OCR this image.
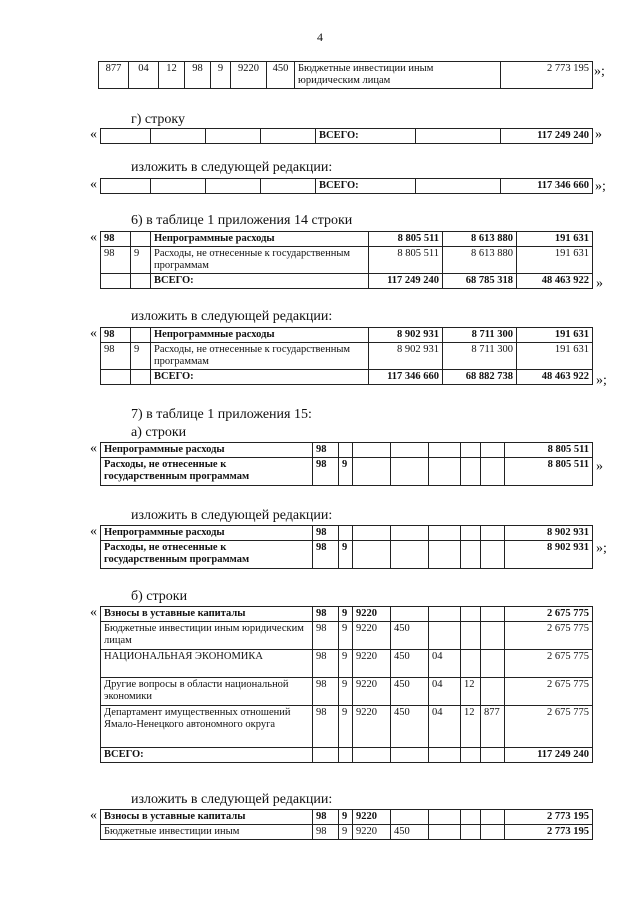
4
877	04	12	98	9	9220	450	Бюджетные инвестиции иным юридическим лицам	2 773 195 »;
г) строку
«
					ВСЕГО:		117 249 240 »
изложить в следующей редакции:
«
					ВСЕГО:		117 346 660 »;
6) в таблице 1 приложения 14 строки
« 98		Непрограммные расходы	8 805 511	8 613 880	191 631
98	9	Расходы, не отнесенные к государственным программам	8 805 511	8 613 880	191 631
		ВСЕГО:	117 249 240	68 785 318	48 463 922 »
изложить в следующей редакции:
« 98		Непрограммные расходы	8 902 931	8 711 300	191 631
98	9	Расходы, не отнесенные к государственным программам	8 902 931	8 711 300	191 631
		ВСЕГО:	117 346 660	68 882 738	48 463 922 »;
7) в таблице 1 приложения 15:
а) строки
« Непрограммные расходы	98							8 805 511
Расходы, не отнесенные к государственным программам	98	9						8 805 511 »
изложить в следующей редакции:
« Непрограммные расходы	98							8 902 931
Расходы, не отнесенные к государственным программам	98	9						8 902 931 »;
б) строки
« Взносы в уставные капиталы	98	9	9220					2 675 775
Бюджетные инвестиции иным юридическим лицам	98	9	9220	450				2 675 775
НАЦИОНАЛЬНАЯ ЭКОНОМИКА	98	9	9220	450	04			2 675 775
Другие вопросы в области национальной экономики	98	9	9220	450	04	12		2 675 775
Департамент имущественных отношений Ямало-Ненецкого автономного округа	98	9	9220	450	04	12	877	2 675 775
ВСЕГО:								117 249 240
изложить в следующей редакции:
« Взносы в уставные капиталы	98	9	9220					2 773 195
Бюджетные инвестиции иным	98	9	9220	450				2 773 195
